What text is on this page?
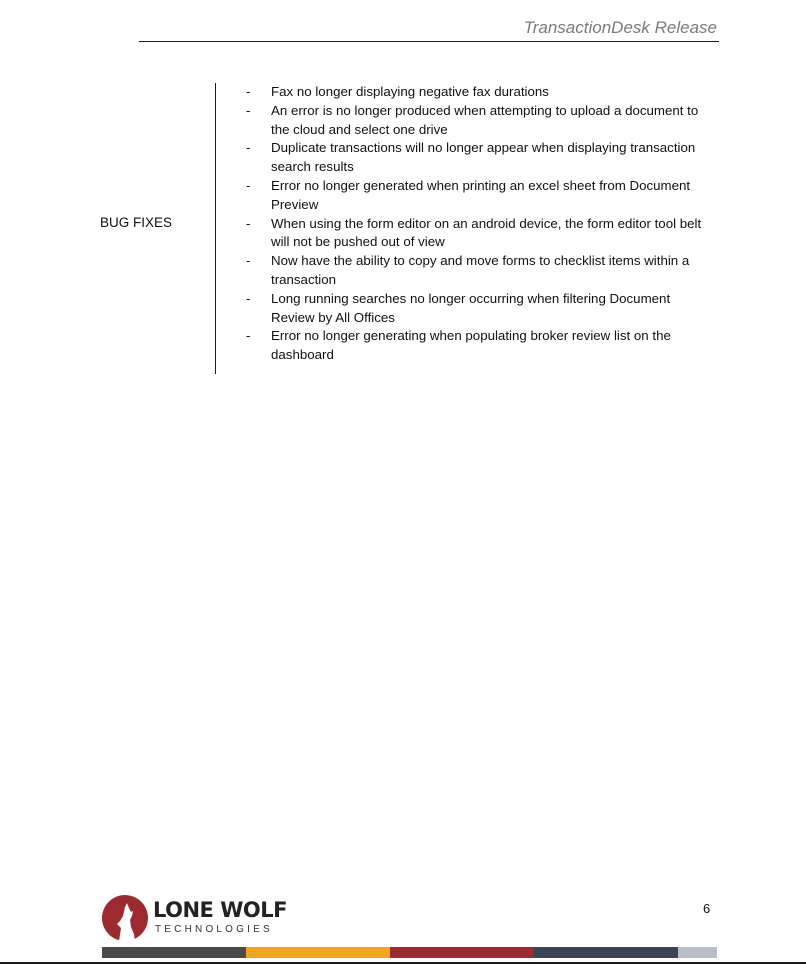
TransactionDesk Release
BUG FIXES
- Fax no longer displaying negative fax durations
- An error is no longer produced when attempting to upload a document to the cloud and select one drive
- Duplicate transactions will no longer appear when displaying transaction search results
- Error no longer generated when printing an excel sheet from Document Preview
- When using the form editor on an android device, the form editor tool belt will not be pushed out of view
- Now have the ability to copy and move forms to checklist items within a transaction
- Long running searches no longer occurring when filtering Document Review by All Offices
- Error no longer generating when populating broker review list on the dashboard
LONE WOLF
TECHNOLOGIES
6
